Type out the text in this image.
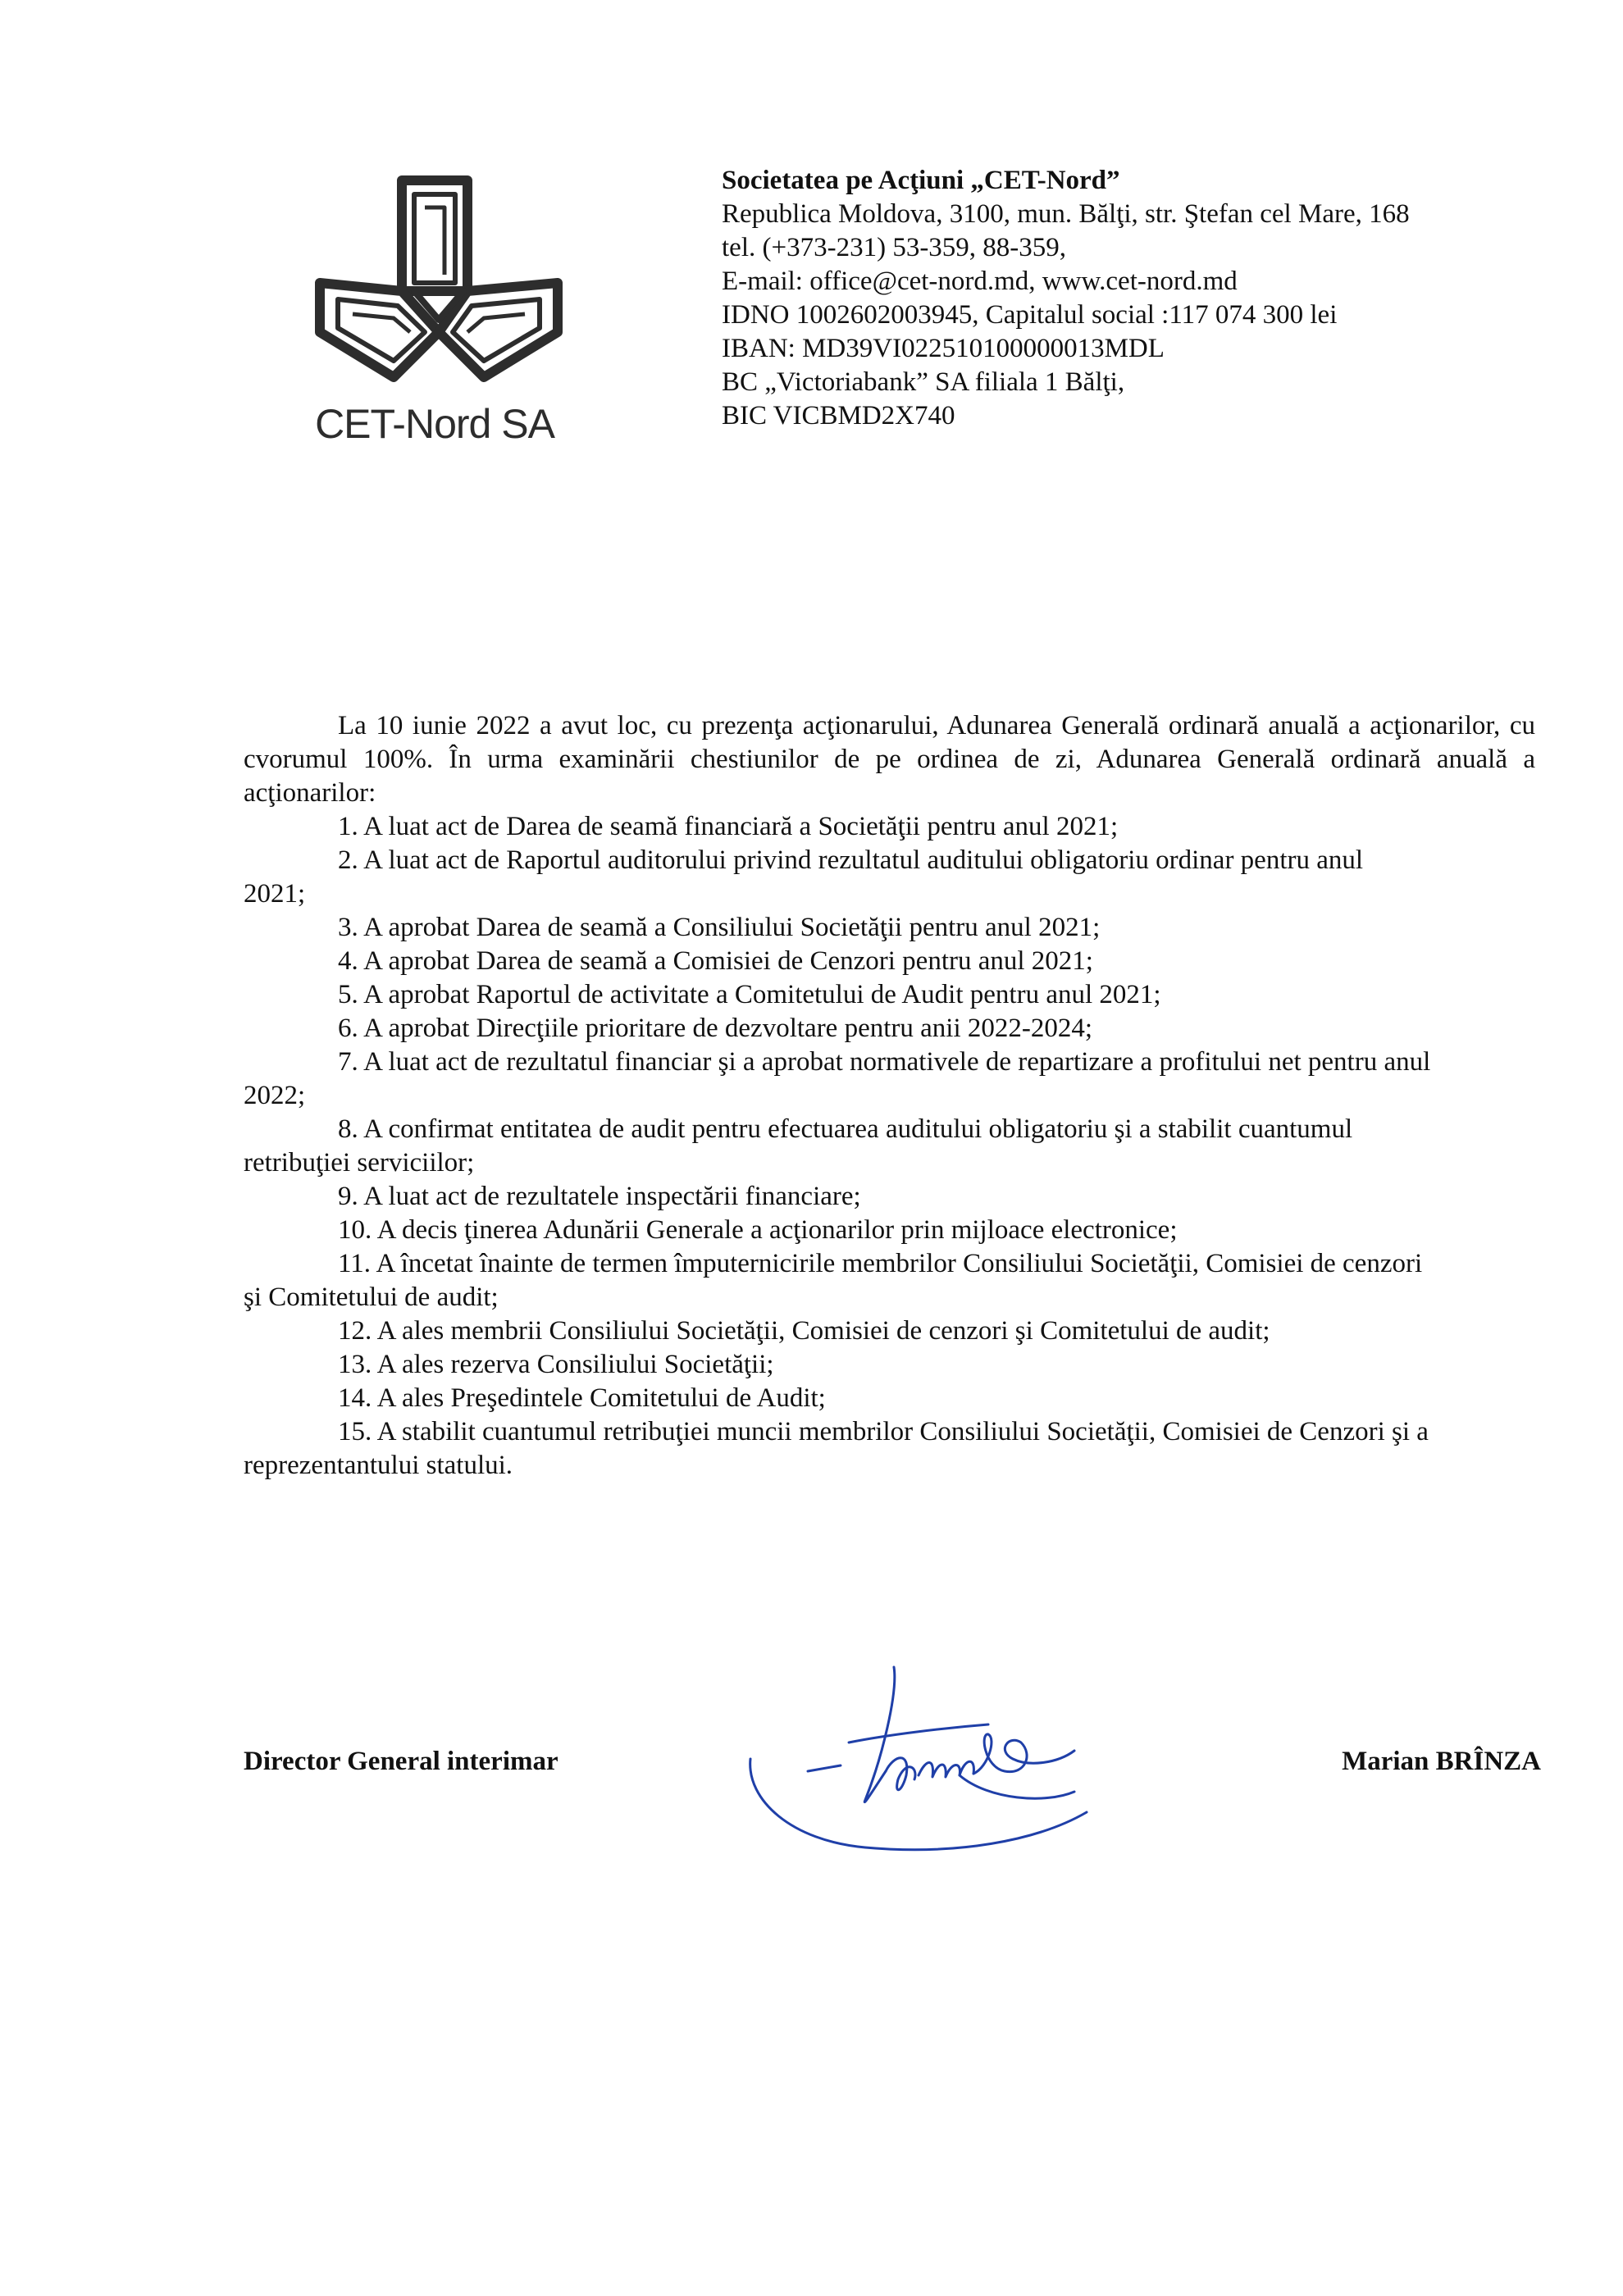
CET-Nord SA
Societatea pe Acţiuni „CET-Nord”
Republica Moldova, 3100, mun. Bălţi, str. Ştefan cel Mare, 168
tel. (+373-231) 53-359, 88-359,
E-mail: office@cet-nord.md, www.cet-nord.md
IDNO 1002602003945, Capitalul social :117 074 300 lei
IBAN: MD39VI022510100000013MDL
BC „Victoriabank” SA filiala 1 Bălţi,
BIC VICBMD2X740

La 10 iunie 2022 a avut loc, cu prezenţa acţionarului, Adunarea Generală ordinară anuală a acţionarilor, cu cvorumul 100%. În urma examinării chestiunilor de pe ordinea de zi, Adunarea Generală ordinară anuală a acţionarilor:

1. A luat act de Darea de seamă financiară a Societăţii pentru anul 2021;

2. A luat act de Raportul auditorului privind rezultatul auditului obligatoriu ordinar pentru anul

2021;

3. A aprobat Darea de seamă a Consiliului Societăţii pentru anul 2021;

4. A aprobat Darea de seamă a Comisiei de Cenzori pentru anul 2021;

5. A aprobat Raportul de activitate a Comitetului de Audit pentru anul 2021;

6. A aprobat Direcţiile prioritare de dezvoltare pentru anii 2022-2024;

7. A luat act de rezultatul financiar şi a aprobat normativele de repartizare a profitului net pentru anul

2022;

8. A confirmat entitatea de audit pentru efectuarea auditului obligatoriu şi a stabilit cuantumul

retribuţiei serviciilor;

9. A luat act de rezultatele inspectării financiare;

10. A decis ţinerea Adunării Generale a acţionarilor prin mijloace electronice;

11. A încetat înainte de termen împuternicirile membrilor Consiliului Societăţii, Comisiei de cenzori

şi Comitetului de audit;

12. A ales membrii Consiliului Societăţii, Comisiei de cenzori şi Comitetului de audit;

13. A ales rezerva Consiliului Societăţii;

14. A ales Preşedintele Comitetului de Audit;

15. A stabilit cuantumul retribuţiei muncii membrilor Consiliului Societăţii, Comisiei de Cenzori şi a

reprezentantului statului.

Director General interimar	Marian BRÎNZA
